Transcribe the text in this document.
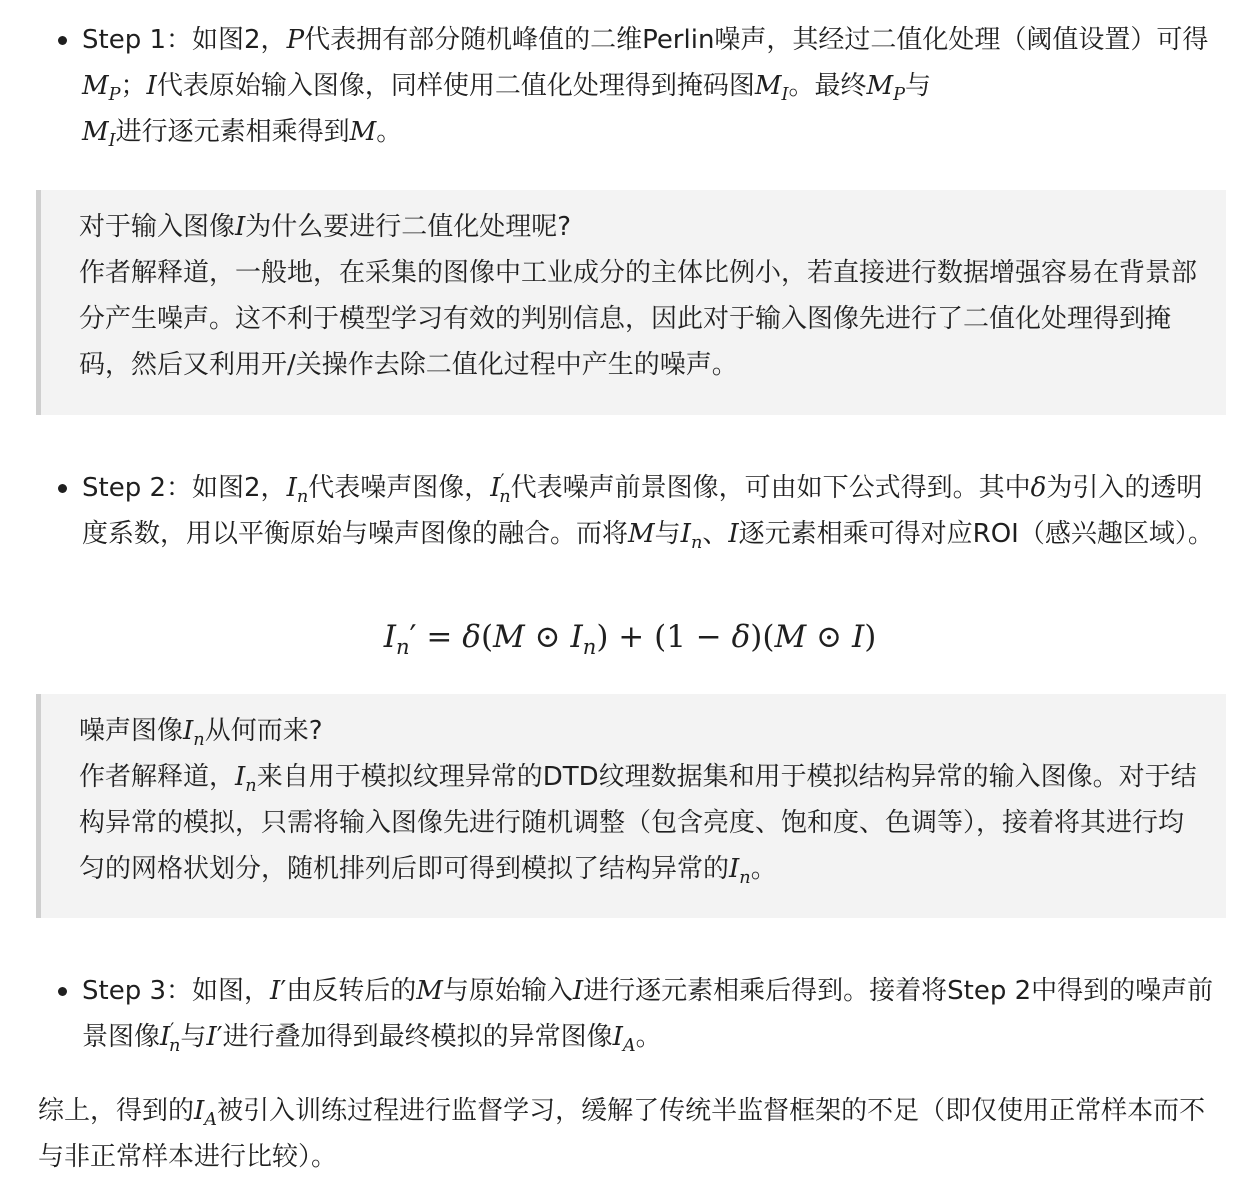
Step 1：如图2，P代表拥有部分随机峰值的二维Perlin噪声，其经过二值化处理（阈值设置）可得$M_P$；I代表原始输入图像，同样使用二值化处理得到掩码图$M_I$。最终$M_P$与
$M_I$进行逐元素相乘得到M。
对于输入图像I为什么要进行二值化处理呢?
作者解释道，一般地，在采集的图像中工业成分的主体比例小，若直接进行数据增强容易在背景部分产生噪声。这不利于模型学习有效的判别信息，因此对于输入图像先进行了二值化处理得到掩码，然后又利用开/关操作去除二值化过程中产生的噪声。
Step 2：如图2，$I_n$代表噪声图像，$I'_n$代表噪声前景图像，可由如下公式得到。其中δ为引入的透明度系数，用以平衡原始与噪声图像的融合。而将M与$I_n$、I逐元素相乘可得对应ROI（感兴趣区域）。
$I_n' = \delta(M$ ⊙ $I_n) + (1 - \delta)(M$ ⊙ I)
噪声图像$I_n$从何而来?
作者解释道，$I_n$来自用于模拟纹理异常的DTD纹理数据集和用于模拟结构异常的输入图像。对于结构异常的模拟，只需将输入图像先进行随机调整（包含亮度、饱和度、色调等），接着将其进行均匀的网格状划分，随机排列后即可得到模拟了结构异常的$I_n$。
Step 3：如图，I′由反转后的M与原始输入I进行逐元素相乘后得到。接着将Step 2中得到的噪声前景图像$I'_n$与I′进行叠加得到最终模拟的异常图像$I_A$。
综上，得到的$I_A$被引入训练过程进行监督学习，缓解了传统半监督框架的不足（即仅使用正常样本而不与非正常样本进行比较）。
